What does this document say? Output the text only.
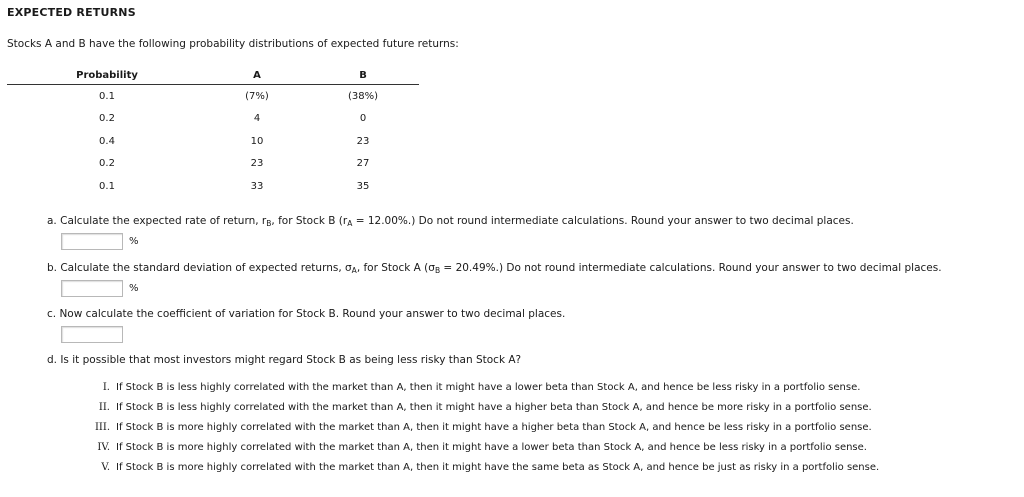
EXPECTED RETURNS
Stocks A and B have the following probability distributions of expected future returns:
Probability	A	B
0.1	(7%)	(38%)
0.2	4	0
0.4	10	23
0.2	23	27
0.1	33	35
a. Calculate the expected rate of return, $r_B$, for Stock B $(r_A = 12.00\%.)$ Do not round intermediate calculations. Round your answer to two decimal places.
%
b. Calculate the standard deviation of expected returns, $\sigma_A$, for Stock A $(\sigma_B = 20.49\%.)$ Do not round intermediate calculations. Round your answer to two decimal places.
%
c. Now calculate the coefficient of variation for Stock B. Round your answer to two decimal places.
d. Is it possible that most investors might regard Stock B as being less risky than Stock A?
I. If Stock B is less highly correlated with the market than A, then it might have a lower beta than Stock A, and hence be less risky in a portfolio sense.
II. If Stock B is less highly correlated with the market than A, then it might have a higher beta than Stock A, and hence be more risky in a portfolio sense.
III. If Stock B is more highly correlated with the market than A, then it might have a higher beta than Stock A, and hence be less risky in a portfolio sense.
IV. If Stock B is more highly correlated with the market than A, then it might have a lower beta than Stock A, and hence be less risky in a portfolio sense.
V. If Stock B is more highly correlated with the market than A, then it might have the same beta as Stock A, and hence be just as risky in a portfolio sense.
